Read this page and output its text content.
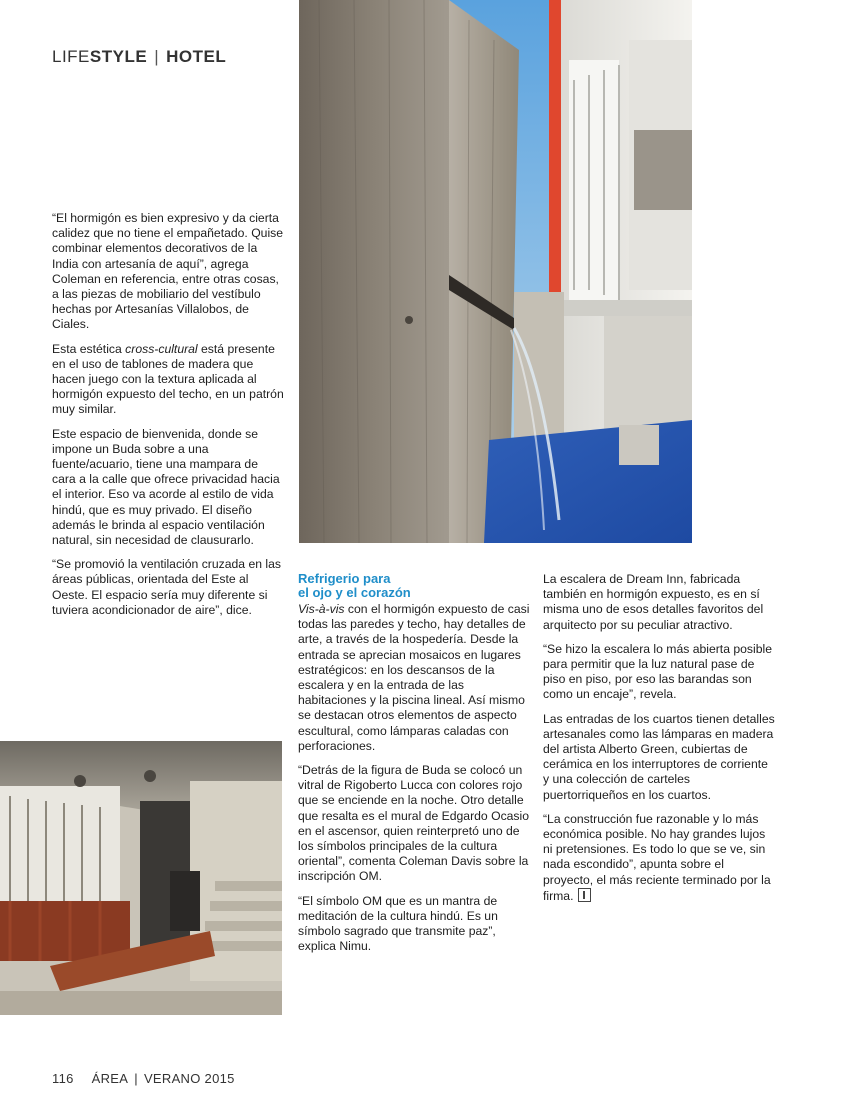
LIFESTYLE | HOTEL

“El hormigón es bien expresivo y da cierta calidez que no tiene el empañetado. Quise combinar elementos decorativos de la India con artesanía de aquí”, agrega Coleman en referencia, entre otras cosas, a las piezas de mobiliario del vestíbulo hechas por Artesanías Villalobos, de Ciales.

Esta estética cross-cultural está presente en el uso de tablones de madera que hacen juego con la textura aplicada al hormigón expuesto del techo, en un patrón muy similar.

Este espacio de bienvenida, donde se impone un Buda sobre a una fuente/acuario, tiene una mampara de cara a la calle que ofrece privacidad hacia el interior. Eso va acorde al estilo de vida hindú, que es muy privado. El diseño además le brinda al espacio ventilación natural, sin necesidad de clausurarlo.

“Se promovió la ventilación cruzada en las áreas públicas, orientada del Este al Oeste. El espacio sería muy diferente si tuviera acondicionador de aire”, dice.

Refrigerio para
el ojo y el corazón

Vis-à-vis con el hormigón expuesto de casi todas las paredes y techo, hay detalles de arte, a través de la hospedería. Desde la entrada se aprecian mosaicos en lugares estratégicos: en los descansos de la escalera y en la entrada de las habitaciones y la piscina lineal. Así mismo se destacan otros elementos de aspecto escultural, como lámparas caladas con perforaciones.

“Detrás de la figura de Buda se colocó un vitral de Rigoberto Lucca con colores rojo que se enciende en la noche. Otro detalle que resalta es el mural de Edgardo Ocasio en el ascensor, quien reinterpretó uno de los símbolos principales de la cultura oriental”, comenta Coleman Davis sobre la inscripción OM.

“El símbolo OM que es un mantra de meditación de la cultura hindú. Es un símbolo sagrado que transmite paz”, explica Nimu.

La escalera de Dream Inn, fabricada también en hormigón expuesto, es en sí misma uno de esos detalles favoritos del arquitecto por su peculiar atractivo.

“Se hizo la escalera lo más abierta posible para permitir que la luz natural pase de piso en piso, por eso las barandas son como un encaje”, revela.

Las entradas de los cuartos tienen detalles artesanales como las lámparas en madera del artista Alberto Green, cubiertas de cerámica en los interruptores de corriente y una colección de carteles puertorriqueños en los cuartos.

“La construcción fue razonable y lo más económica posible. No hay grandes lujos ni pretensiones. Es todo lo que se ve, sin nada escondido”, apunta sobre el proyecto, el más reciente terminado por la firma.

116 ÁREA | VERANO 2015
